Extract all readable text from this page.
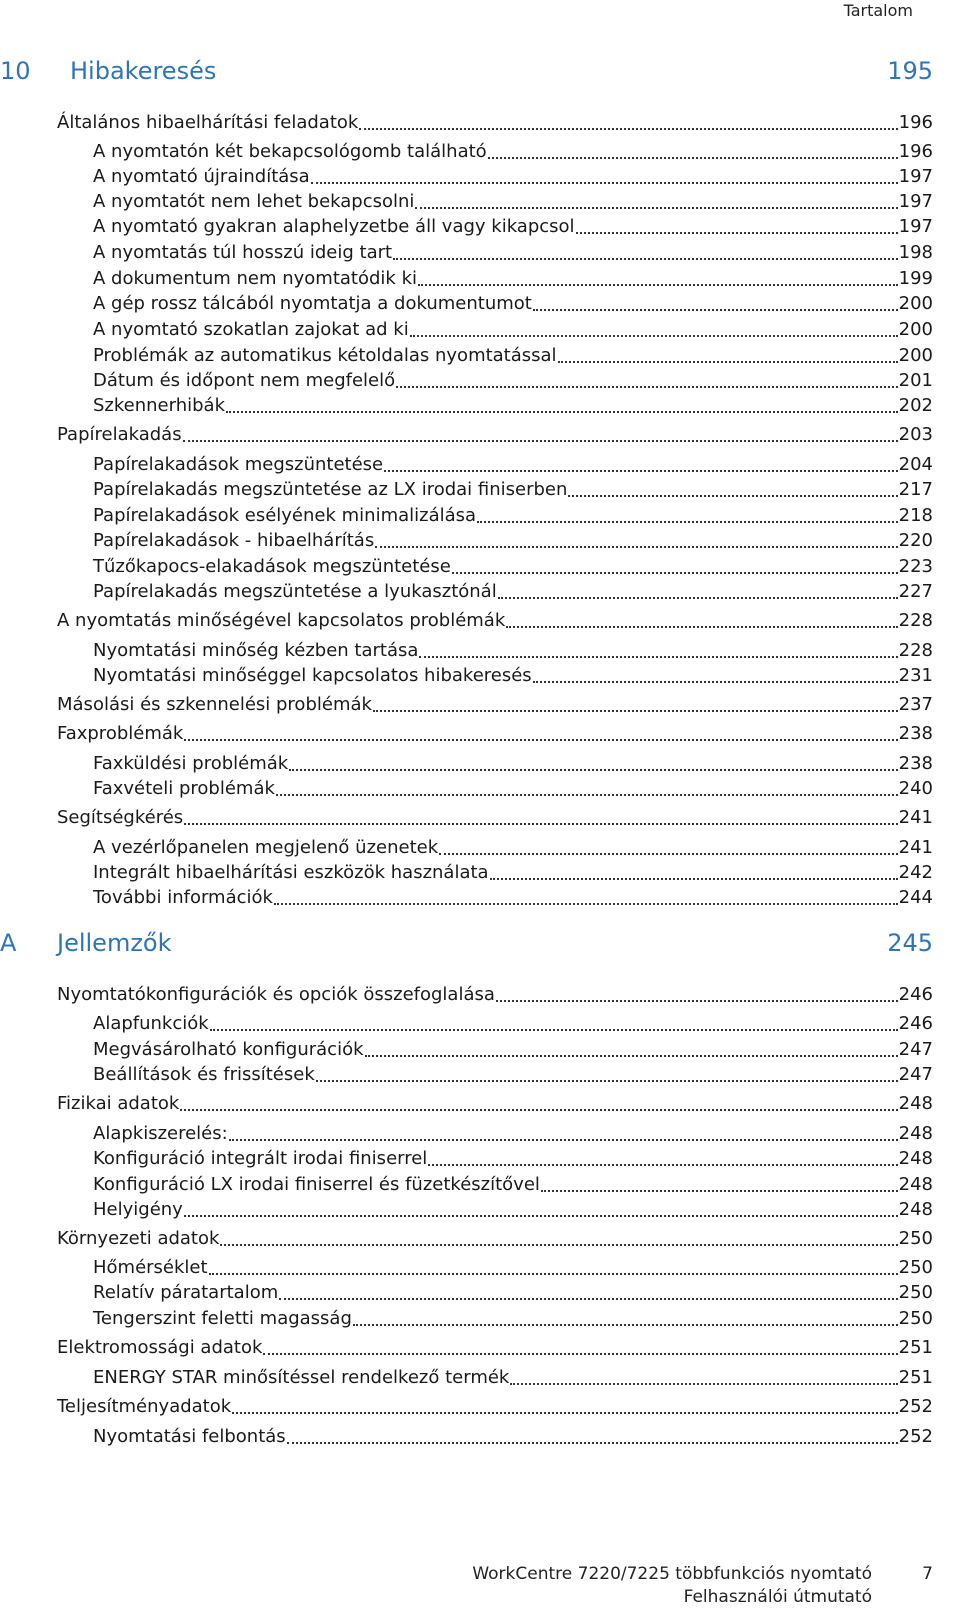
Tartalom
10 Hibakeresés	195
Általános hibaelhárítási feladatok	196
A nyomtatón két bekapcsológomb található	196
A nyomtató újraindítása	197
A nyomtatót nem lehet bekapcsolni	197
A nyomtató gyakran alaphelyzetbe áll vagy kikapcsol	197
A nyomtatás túl hosszú ideig tart	198
A dokumentum nem nyomtatódik ki	199
A gép rossz tálcából nyomtatja a dokumentumot	200
A nyomtató szokatlan zajokat ad ki	200
Problémák az automatikus kétoldalas nyomtatással	200
Dátum és időpont nem megfelelő	201
Szkennerhibák	202
Papírelakadás	203
Papírelakadások megszüntetése	204
Papírelakadás megszüntetése az LX irodai finiserben	217
Papírelakadások esélyének minimalizálása	218
Papírelakadások - hibaelhárítás	220
Tűzőkapocs-elakadások megszüntetése	223
Papírelakadás megszüntetése a lyukasztónál	227
A nyomtatás minőségével kapcsolatos problémák	228
Nyomtatási minőség kézben tartása	228
Nyomtatási minőséggel kapcsolatos hibakeresés	231
Másolási és szkennelési problémák	237
Faxproblémák	238
Faxküldési problémák	238
Faxvételi problémák	240
Segítségkérés	241
A vezérlőpanelen megjelenő üzenetek	241
Integrált hibaelhárítási eszközök használata	242
További információk	244
A Jellemzők	245
Nyomtatókonfigurációk és opciók összefoglalása	246
Alapfunkciók	246
Megvásárolható konfigurációk	247
Beállítások és frissítések	247
Fizikai adatok	248
Alapkiszerelés:	248
Konfiguráció integrált irodai finiserrel	248
Konfiguráció LX irodai finiserrel és füzetkészítővel	248
Helyigény	248
Környezeti adatok	250
Hőmérséklet	250
Relatív páratartalom	250
Tengerszint feletti magasság	250
Elektromossági adatok	251
ENERGY STAR minősítéssel rendelkező termék	251
Teljesítményadatok	252
Nyomtatási felbontás	252
WorkCentre 7220/7225 többfunkciós nyomtató
Felhasználói útmutató
7
